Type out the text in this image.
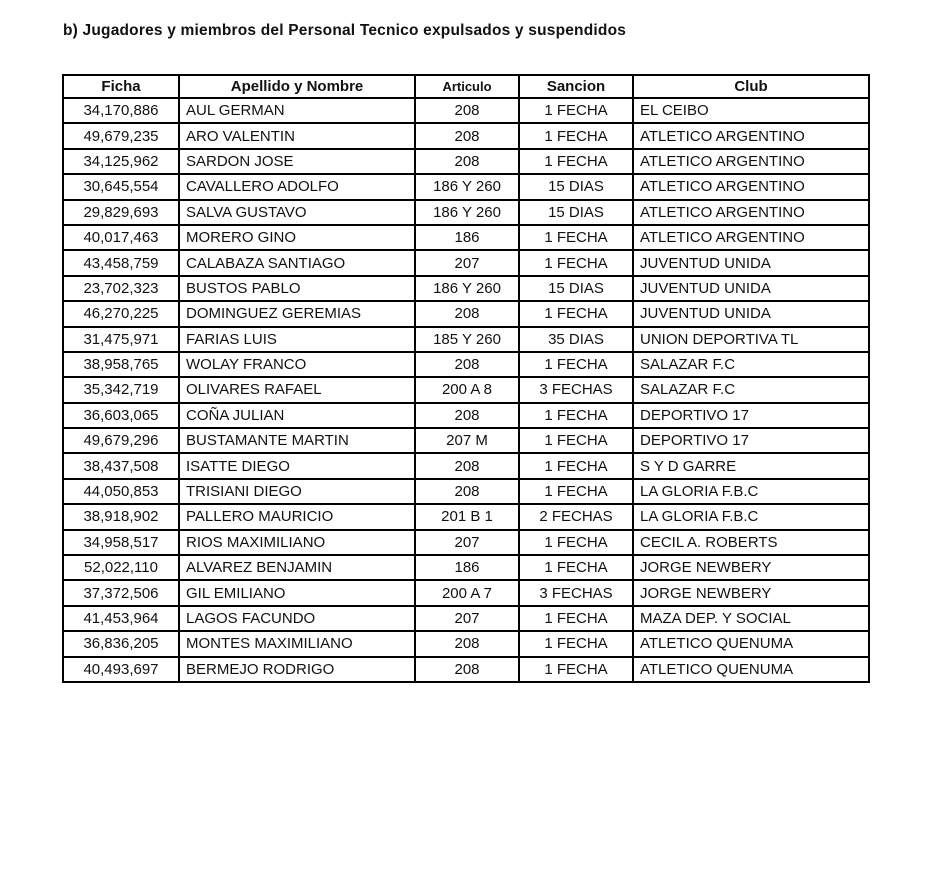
b) Jugadores y miembros del Personal Tecnico expulsados y suspendidos
Ficha	Apellido y Nombre	Articulo	Sancion	Club
34,170,886	AUL GERMAN	208	1 FECHA	EL CEIBO
49,679,235	ARO VALENTIN	208	1 FECHA	ATLETICO ARGENTINO
34,125,962	SARDON JOSE	208	1 FECHA	ATLETICO ARGENTINO
30,645,554	CAVALLERO ADOLFO	186 Y 260	15 DIAS	ATLETICO ARGENTINO
29,829,693	SALVA GUSTAVO	186 Y 260	15 DIAS	ATLETICO ARGENTINO
40,017,463	MORERO GINO	186	1 FECHA	ATLETICO ARGENTINO
43,458,759	CALABAZA SANTIAGO	207	1 FECHA	JUVENTUD UNIDA
23,702,323	BUSTOS PABLO	186 Y 260	15 DIAS	JUVENTUD UNIDA
46,270,225	DOMINGUEZ GEREMIAS	208	1 FECHA	JUVENTUD UNIDA
31,475,971	FARIAS LUIS	185 Y 260	35 DIAS	UNION DEPORTIVA TL
38,958,765	WOLAY FRANCO	208	1 FECHA	SALAZAR F.C
35,342,719	OLIVARES RAFAEL	200 A 8	3 FECHAS	SALAZAR F.C
36,603,065	COÑA JULIAN	208	1 FECHA	DEPORTIVO 17
49,679,296	BUSTAMANTE MARTIN	207 M	1 FECHA	DEPORTIVO 17
38,437,508	ISATTE DIEGO	208	1 FECHA	S Y D GARRE
44,050,853	TRISIANI DIEGO	208	1 FECHA	LA GLORIA F.B.C
38,918,902	PALLERO MAURICIO	201 B 1	2 FECHAS	LA GLORIA F.B.C
34,958,517	RIOS MAXIMILIANO	207	1 FECHA	CECIL A. ROBERTS
52,022,110	ALVAREZ BENJAMIN	186	1 FECHA	JORGE NEWBERY
37,372,506	GIL EMILIANO	200 A 7	3 FECHAS	JORGE NEWBERY
41,453,964	LAGOS FACUNDO	207	1 FECHA	MAZA DEP. Y SOCIAL
36,836,205	MONTES MAXIMILIANO	208	1 FECHA	ATLETICO QUENUMA
40,493,697	BERMEJO RODRIGO	208	1 FECHA	ATLETICO QUENUMA
